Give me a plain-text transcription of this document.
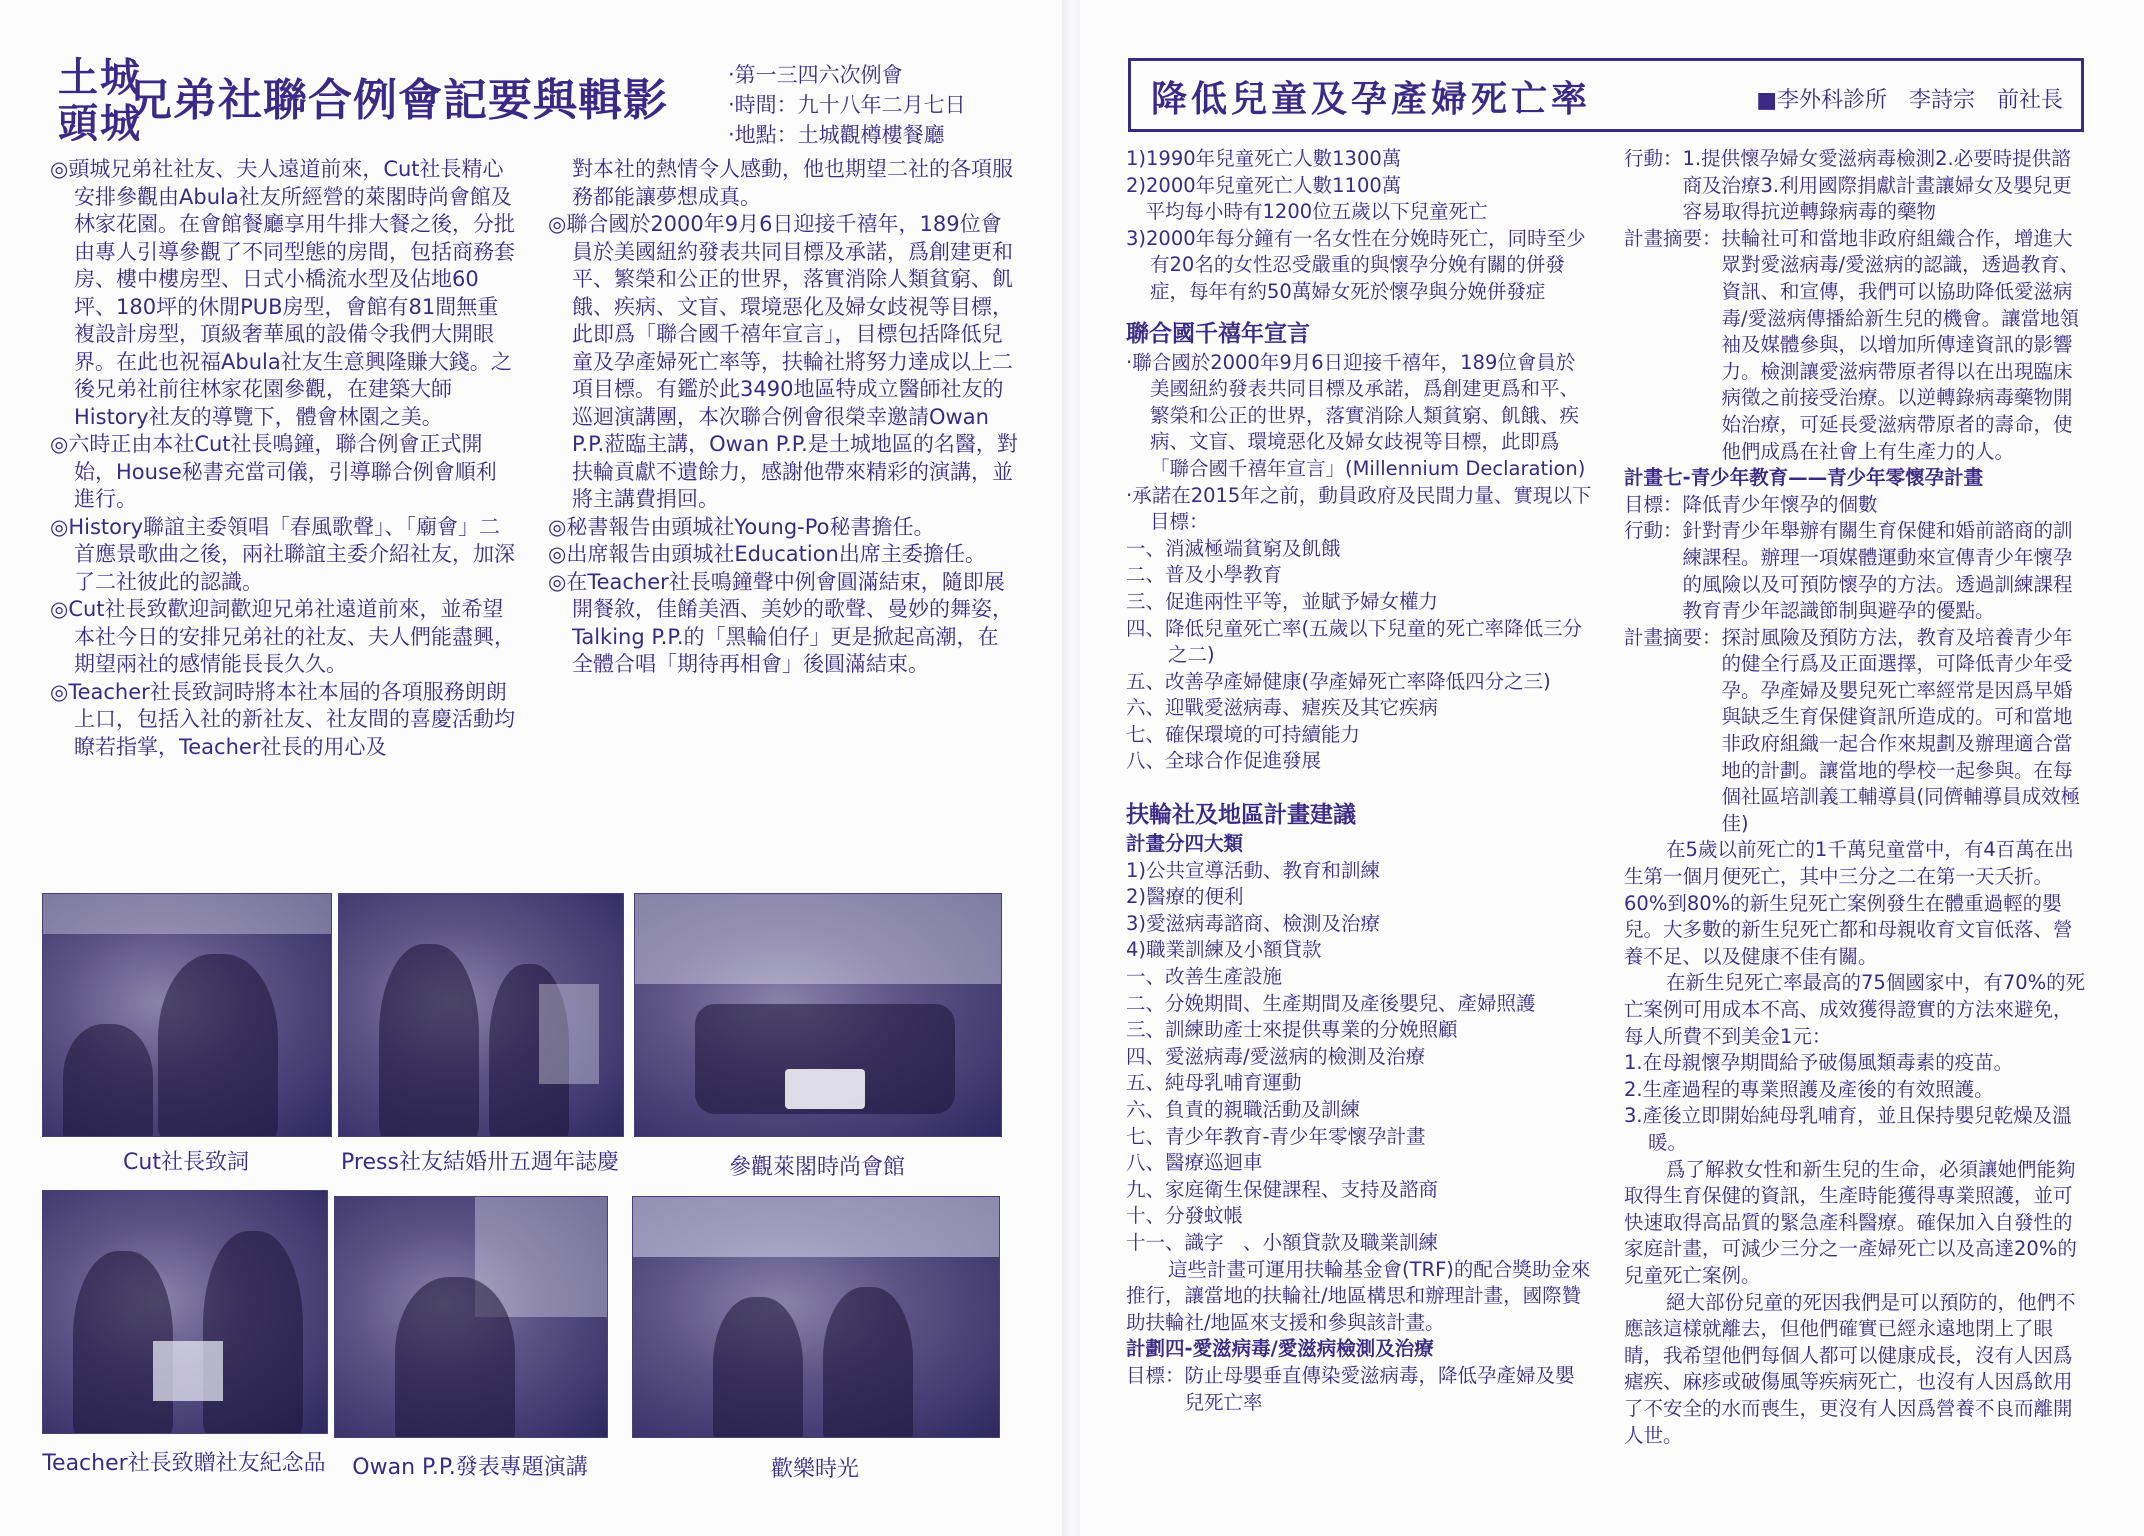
土城
頭城
兄弟社聯合例會記要與輯影	‧第一三四六次例會
‧時間：九十八年二月七日
‧地點：土城觀樽樓餐廳

◎頭城兄弟社社友、夫人遠道前來，Cut社長精心安排參觀由Abula社友所經營的萊閣時尚會館及林家花園。在會館餐廳享用牛排大餐之後，分批由專人引導參觀了不同型態的房間，包括商務套房、樓中樓房型、日式小橋流水型及佔地60坪、180坪的休閒PUB房型，會館有81間無重複設計房型，頂級奢華風的設備令我們大開眼界。在此也祝福Abula社友生意興隆賺大錢。之後兄弟社前往林家花園參觀，在建築大師History社友的導覽下，體會林園之美。

◎六時正由本社Cut社長鳴鐘，聯合例會正式開始，House秘書充當司儀，引導聯合例會順利進行。

◎History聯誼主委領唱「春風歌聲」、「廟會」二首應景歌曲之後，兩社聯誼主委介紹社友，加深了二社彼此的認識。

◎Cut社長致歡迎詞歡迎兄弟社遠道前來，並希望本社今日的安排兄弟社的社友、夫人們能盡興，期望兩社的感情能長長久久。

◎Teacher社長致詞時將本社本屆的各項服務朗朗上口，包括入社的新社友、社友間的喜慶活動均瞭若指掌，Teacher社長的用心及

對本社的熱情令人感動，他也期望二社的各項服務都能讓夢想成真。

◎聯合國於2000年9月6日迎接千禧年，189位會員於美國紐約發表共同目標及承諾，爲創建更和平、繁榮和公正的世界，落實消除人類貧窮、飢餓、疾病、文盲、環境惡化及婦女歧視等目標，此即爲「聯合國千禧年宣言」，目標包括降低兒童及孕產婦死亡率等，扶輪社將努力達成以上二項目標。有鑑於此3490地區特成立醫師社友的巡迴演講團，本次聯合例會很榮幸邀請Owan P.P.蒞臨主講，Owan P.P.是土城地區的名醫，對扶輪貢獻不遺餘力，感謝他帶來精彩的演講，並將主講費捐回。

◎秘書報告由頭城社Young-Po秘書擔任。

◎出席報告由頭城社Education出席主委擔任。

◎在Teacher社長鳴鐘聲中例會圓滿結束，隨即展開餐敘，佳餚美酒、美妙的歌聲、曼妙的舞姿，Talking P.P.的「黑輪伯仔」更是掀起高潮，在全體合唱「期待再相會」後圓滿結束。

Cut社長致詞	Press社友結婚卅五週年誌慶	參觀萊閣時尚會館
Teacher社長致贈社友紀念品	Owan P.P.發表專題演講	歡樂時光
降低兒童及孕產婦死亡率	■李外科診所　李詩宗　前社長

1)1990年兒童死亡人數1300萬

2)2000年兒童死亡人數1100萬

　平均每小時有1200位五歲以下兒童死亡

3)2000年每分鐘有一名女性在分娩時死亡，同時至少有20名的女性忍受嚴重的與懷孕分娩有關的併發症，每年有約50萬婦女死於懷孕與分娩併發症

聯合國千禧年宣言

‧聯合國於2000年9月6日迎接千禧年，189位會員於美國紐約發表共同目標及承諾，爲創建更爲和平、繁榮和公正的世界，落實消除人類貧窮、飢餓、疾病、文盲、環境惡化及婦女歧視等目標，此即爲「聯合國千禧年宣言」(Millennium Declaration)

‧承諾在2015年之前，動員政府及民間力量、實現以下目標：

一、消滅極端貧窮及飢餓

二、普及小學教育

三、促進兩性平等，並賦予婦女權力

四、降低兒童死亡率(五歲以下兒童的死亡率降低三分之二)

五、改善孕產婦健康(孕產婦死亡率降低四分之三)

六、迎戰愛滋病毒、瘧疾及其它疾病

七、確保環境的可持續能力

八、全球合作促進發展

扶輪社及地區計畫建議

計畫分四大類

1)公共宣導活動、教育和訓練

2)醫療的便利

3)愛滋病毒諮商、檢測及治療

4)職業訓練及小額貸款

一、改善生產設施

二、分娩期間、生產期間及產後嬰兒、產婦照護

三、訓練助產士來提供專業的分娩照顧

四、愛滋病毒/愛滋病的檢測及治療

五、純母乳哺育運動

六、負責的親職活動及訓練

七、青少年教育-青少年零懷孕計畫

八、醫療巡迴車

九、家庭衛生保健課程、支持及諮商

十、分發蚊帳

十一、識字　、小額貸款及職業訓練

這些計畫可運用扶輪基金會(TRF)的配合獎助金來推行，讓當地的扶輪社/地區構思和辦理計畫，國際贊助扶輪社/地區來支援和參與該計畫。

計劃四-愛滋病毒/愛滋病檢測及治療

目標： 防止母嬰垂直傳染愛滋病毒，降低孕產婦及嬰兒死亡率
行動： 1.提供懷孕婦女愛滋病毒檢測2.必要時提供諮商及治療3.利用國際捐獻計畫讓婦女及嬰兒更容易取得抗逆轉錄病毒的藥物
計畫摘要： 扶輪社可和當地非政府組織合作，增進大眾對愛滋病毒/愛滋病的認識，透過教育、資訊、和宣傳，我們可以協助降低愛滋病毒/愛滋病傳播給新生兒的機會。讓當地領袖及媒體參與，以增加所傳達資訊的影響力。檢測讓愛滋病帶原者得以在出現臨床病徵之前接受治療。以逆轉錄病毒藥物開始治療，可延長愛滋病帶原者的壽命，使他們成爲在社會上有生產力的人。

計畫七-青少年教育——青少年零懷孕計畫

目標： 降低青少年懷孕的個數
行動： 針對青少年舉辦有關生育保健和婚前諮商的訓練課程。辦理一項媒體運動來宣傳青少年懷孕的風險以及可預防懷孕的方法。透過訓練課程教育青少年認識節制與避孕的優點。
計畫摘要： 探討風險及預防方法，教育及培養青少年的健全行爲及正面選擇，可降低青少年受孕。孕產婦及嬰兒死亡率經常是因爲早婚與缺乏生育保健資訊所造成的。可和當地非政府組織一起合作來規劃及辦理適合當地的計劃。讓當地的學校一起參與。在每個社區培訓義工輔導員(同儕輔導員成效極佳)

在5歲以前死亡的1千萬兒童當中，有4百萬在出生第一個月便死亡，其中三分之二在第一天夭折。60%到80%的新生兒死亡案例發生在體重過輕的嬰兒。大多數的新生兒死亡都和母親收育文盲低落、營養不足、以及健康不佳有關。

在新生兒死亡率最高的75個國家中，有70%的死亡案例可用成本不高、成效獲得證實的方法來避免，每人所費不到美金1元：

1.在母親懷孕期間給予破傷風類毒素的疫苗。

2.生產過程的專業照護及產後的有效照護。

3.產後立即開始純母乳哺育，並且保持嬰兒乾燥及溫暖。

爲了解救女性和新生兒的生命，必須讓她們能夠取得生育保健的資訊，生產時能獲得專業照護，並可快速取得高品質的緊急產科醫療。確保加入自發性的家庭計畫，可減少三分之一產婦死亡以及高達20%的兒童死亡案例。

絕大部份兒童的死因我們是可以預防的，他們不應該這樣就離去，但他們確實已經永遠地閉上了眼睛，我希望他們每個人都可以健康成長，沒有人因爲瘧疾、麻疹或破傷風等疾病死亡，也沒有人因爲飲用了不安全的水而喪生，更沒有人因爲營養不良而離開人世。
